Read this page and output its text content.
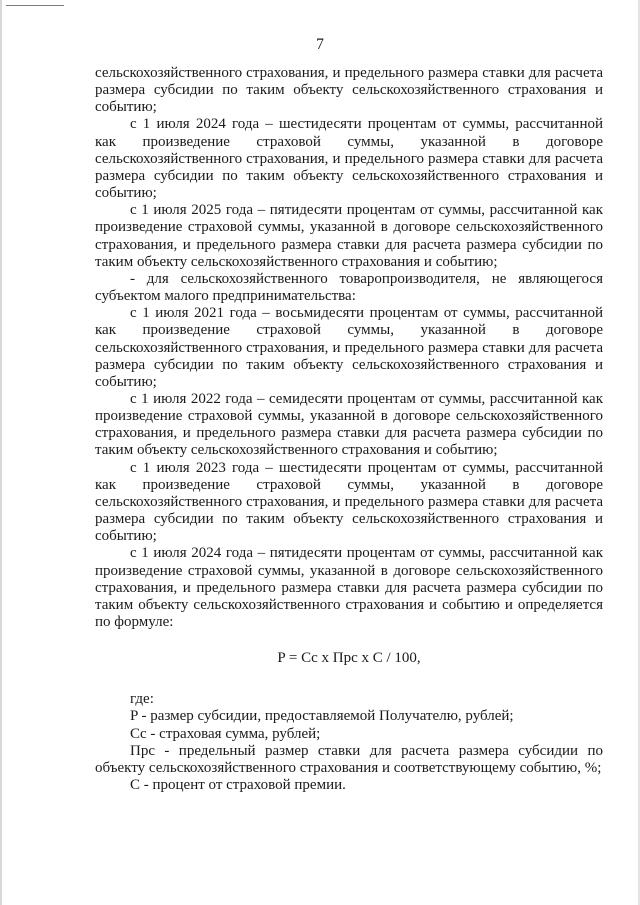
7

сельскохозяйственного страхования, и предельного размера ставки для расчета размера субсидии по таким объекту сельскохозяйственного страхования и событию;

с 1 июля 2024 года – шестидесяти процентам от суммы, рассчитанной как произведение страховой суммы, указанной в договоре сельскохозяйственного страхования, и предельного размера ставки для расчета размера субсидии по таким объекту сельскохозяйственного страхования и событию;

с 1 июля 2025 года – пятидесяти процентам от суммы, рассчитанной как произведение страховой суммы, указанной в договоре сельскохозяйственного страхования, и предельного размера ставки для расчета размера субсидии по таким объекту сельскохозяйственного страхования и событию;

- для сельскохозяйственного товаропроизводителя, не являющегося субъектом малого предпринимательства:

с 1 июля 2021 года – восьмидесяти процентам от суммы, рассчитанной как произведение страховой суммы, указанной в договоре сельскохозяйственного страхования, и предельного размера ставки для расчета размера субсидии по таким объекту сельскохозяйственного страхования и событию;

с 1 июля 2022 года – семидесяти процентам от суммы, рассчитанной как произведение страховой суммы, указанной в договоре сельскохозяйственного страхования, и предельного размера ставки для расчета размера субсидии по таким объекту сельскохозяйственного страхования и событию;

с 1 июля 2023 года – шестидесяти процентам от суммы, рассчитанной как произведение страховой суммы, указанной в договоре сельскохозяйственного страхования, и предельного размера ставки для расчета размера субсидии по таким объекту сельскохозяйственного страхования и событию;

с 1 июля 2024 года – пятидесяти процентам от суммы, рассчитанной как произведение страховой суммы, указанной в договоре сельскохозяйственного страхования, и предельного размера ставки для расчета размера субсидии по таким объекту сельскохозяйственного страхования и событию и определяется по формуле:

P = Cc x Прс x C / 100,

где:

P - размер субсидии, предоставляемой Получателю, рублей;

Cc - страховая сумма, рублей;

Прс - предельный размер ставки для расчета размера субсидии по объекту сельскохозяйственного страхования и соответствующему событию, %;

C - процент от страховой премии.
